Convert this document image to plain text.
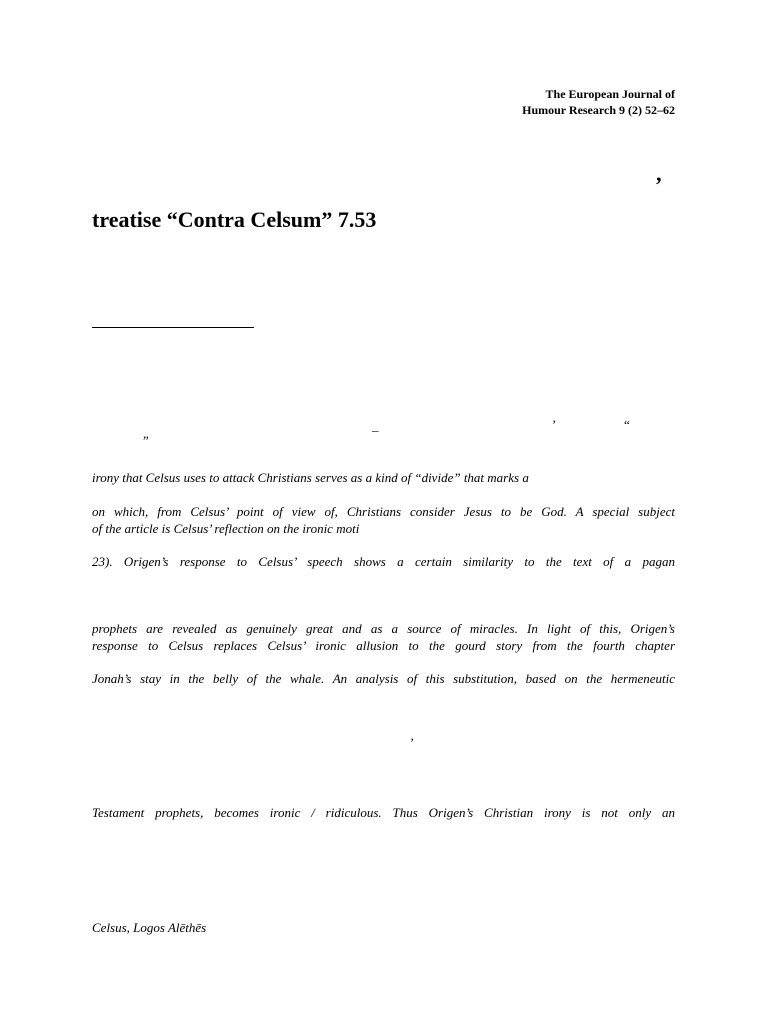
The European Journal of
Humour Research 9 (2) 52–62
’
treatise “Contra Celsum” 7.53
_	’	“
”
irony that Celsus uses to attack Christians serves as a kind of “divide” that marks a
on which, from Celsus’ point of view of, Christians consider Jesus to be God. A special subject
of the article is Celsus’ reflection on the ironic moti
23). Origen’s response to Celsus’ speech shows a certain similarity to the text of a pagan
prophets are revealed as genuinely great and as a source of miracles. In light of this, Origen’s
response to Celsus replaces Celsus’ ironic allusion to the gourd story from the fourth chapter
Jonah’s stay in the belly of the whale. An analysis of this substitution, based on the hermeneutic
’
Testament prophets, becomes ironic / ridiculous. Thus Origen’s Christian irony is not only an
Celsus, Logos Alēthēs
